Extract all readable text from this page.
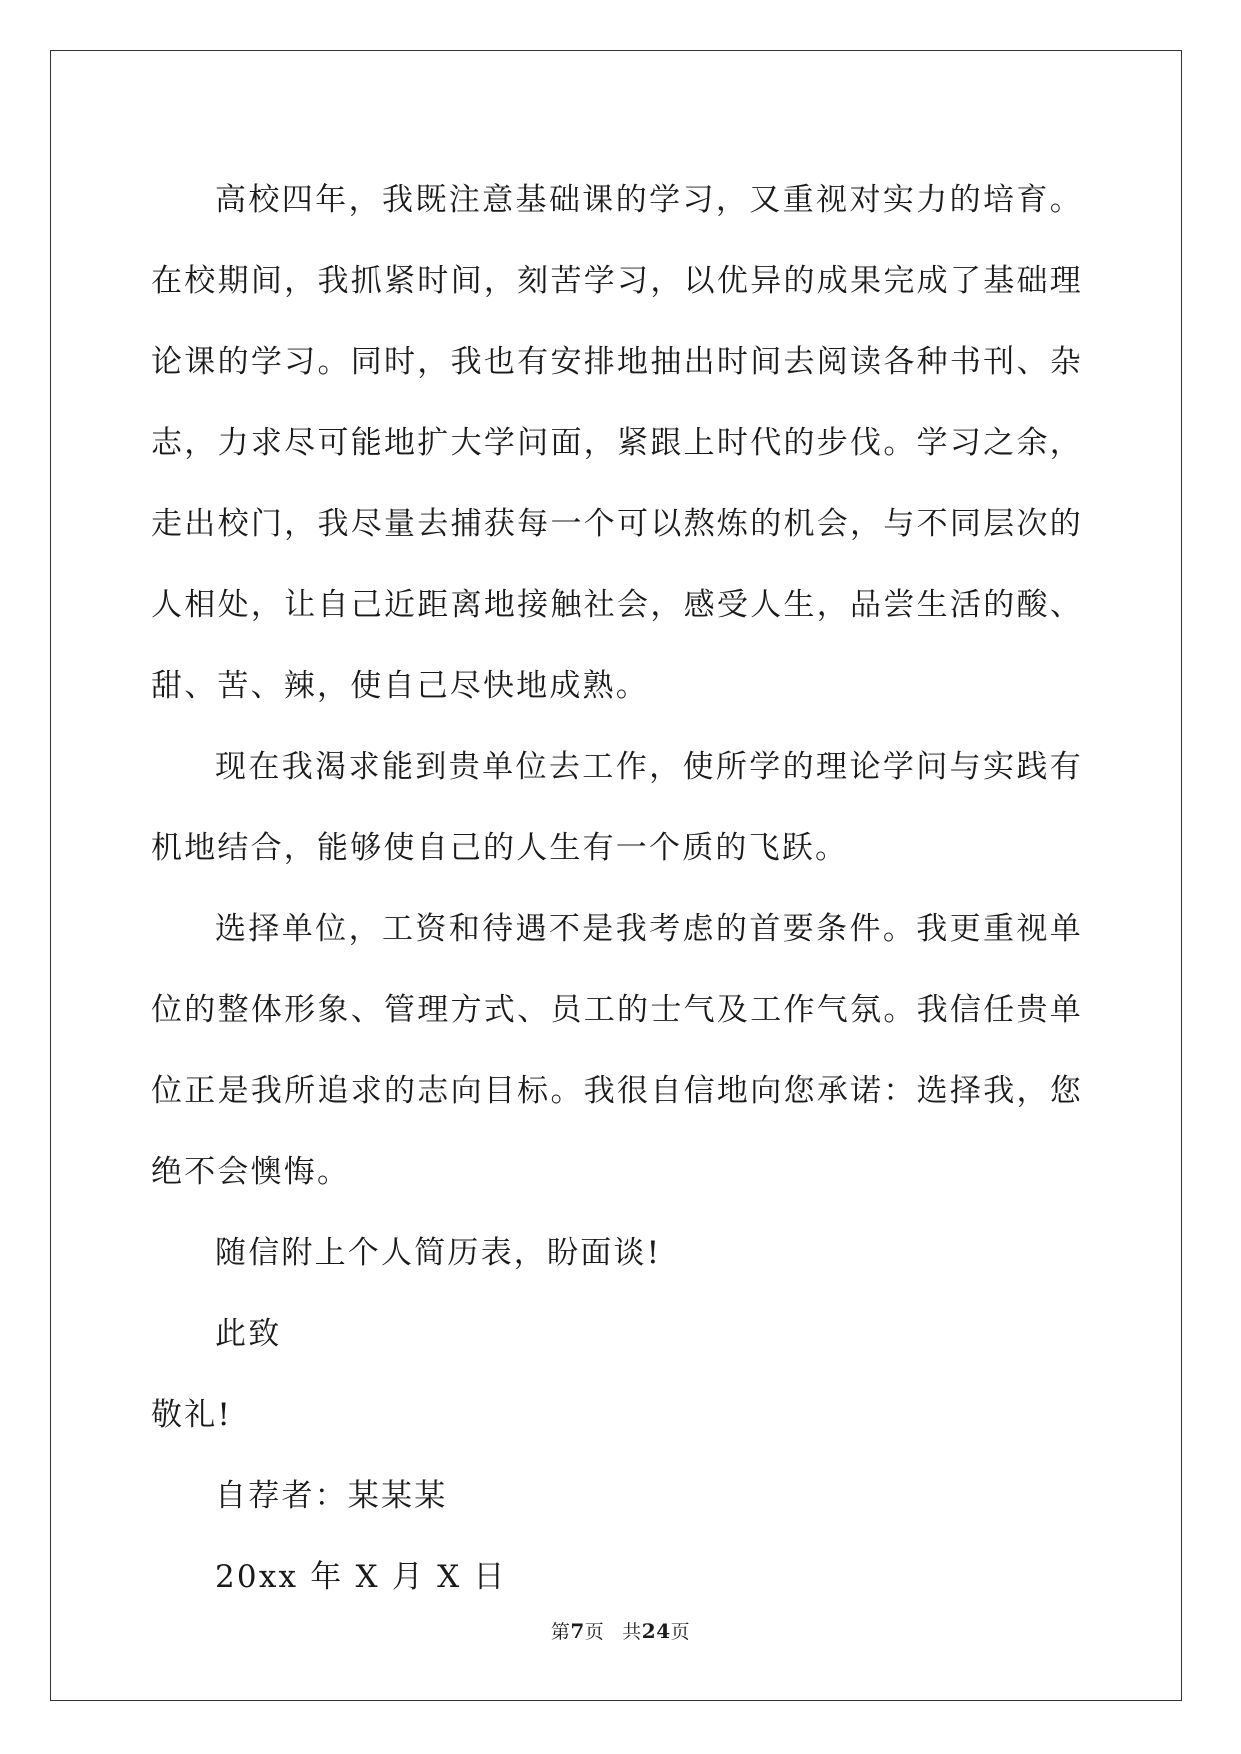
高校四年，我既注意基础课的学习，又重视对实力的培育。在校期间，我抓紧时间，刻苦学习，以优异的成果完成了基础理论课的学习。同时，我也有安排地抽出时间去阅读各种书刊、杂志，力求尽可能地扩大学问面，紧跟上时代的步伐。学习之余，走出校门，我尽量去捕获每一个可以熬炼的机会，与不同层次的人相处，让自己近距离地接触社会，感受人生，品尝生活的酸、甜、苦、辣，使自己尽快地成熟。

现在我渴求能到贵单位去工作，使所学的理论学问与实践有机地结合，能够使自己的人生有一个质的飞跃。

选择单位，工资和待遇不是我考虑的首要条件。我更重视单位的整体形象、管理方式、员工的士气及工作气氛。我信任贵单位正是我所追求的志向目标。我很自信地向您承诺：选择我，您绝不会懊悔。

随信附上个人简历表，盼面谈!

此致

敬礼!

自荐者：某某某

20xx 年 X 月 X 日

第7页 共24页
